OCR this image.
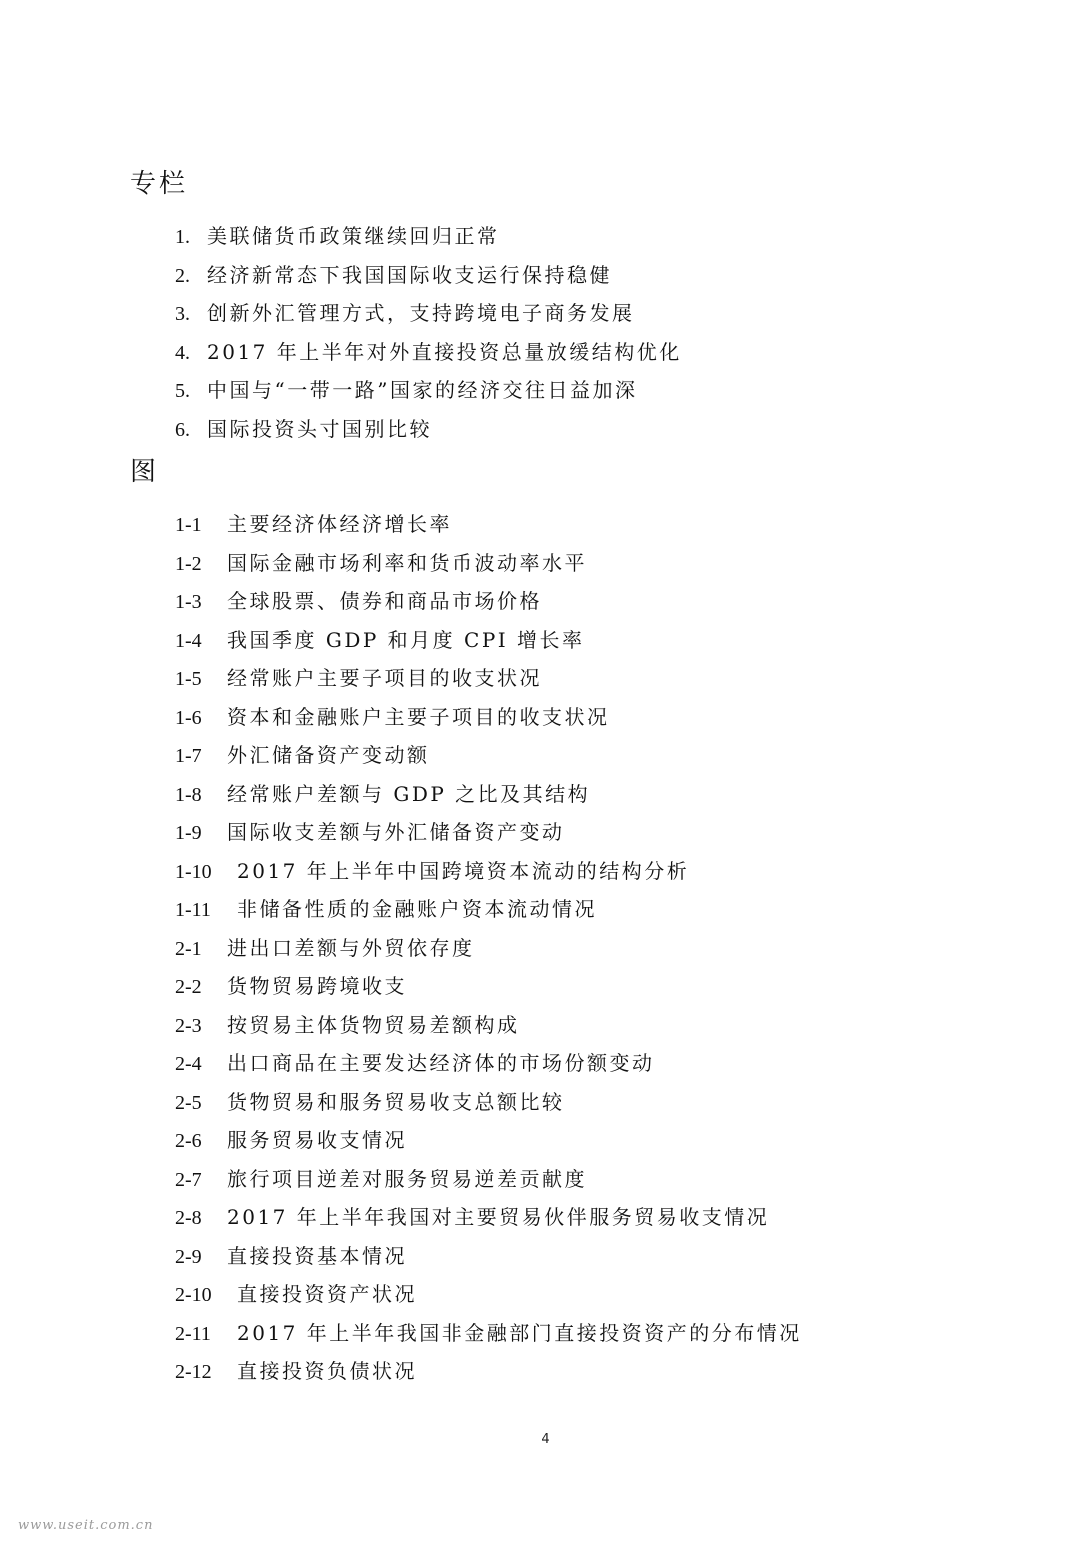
专栏
1. 美联储货币政策继续回归正常
2. 经济新常态下我国国际收支运行保持稳健
3. 创新外汇管理方式，支持跨境电子商务发展
4. 2017 年上半年对外直接投资总量放缓结构优化
5. 中国与“一带一路”国家的经济交往日益加深
6. 国际投资头寸国别比较
图
1-1 主要经济体经济增长率
1-2 国际金融市场利率和货币波动率水平
1-3 全球股票、债券和商品市场价格
1-4 我国季度 GDP 和月度 CPI 增长率
1-5 经常账户主要子项目的收支状况
1-6 资本和金融账户主要子项目的收支状况
1-7 外汇储备资产变动额
1-8 经常账户差额与 GDP 之比及其结构
1-9 国际收支差额与外汇储备资产变动
1-10 2017 年上半年中国跨境资本流动的结构分析
1-11 非储备性质的金融账户资本流动情况
2-1 进出口差额与外贸依存度
2-2 货物贸易跨境收支
2-3 按贸易主体货物贸易差额构成
2-4 出口商品在主要发达经济体的市场份额变动
2-5 货物贸易和服务贸易收支总额比较
2-6 服务贸易收支情况
2-7 旅行项目逆差对服务贸易逆差贡献度
2-8 2017 年上半年我国对主要贸易伙伴服务贸易收支情况
2-9 直接投资基本情况
2-10 直接投资资产状况
2-11 2017 年上半年我国非金融部门直接投资资产的分布情况
2-12 直接投资负债状况
4
www.useit.com.cn
